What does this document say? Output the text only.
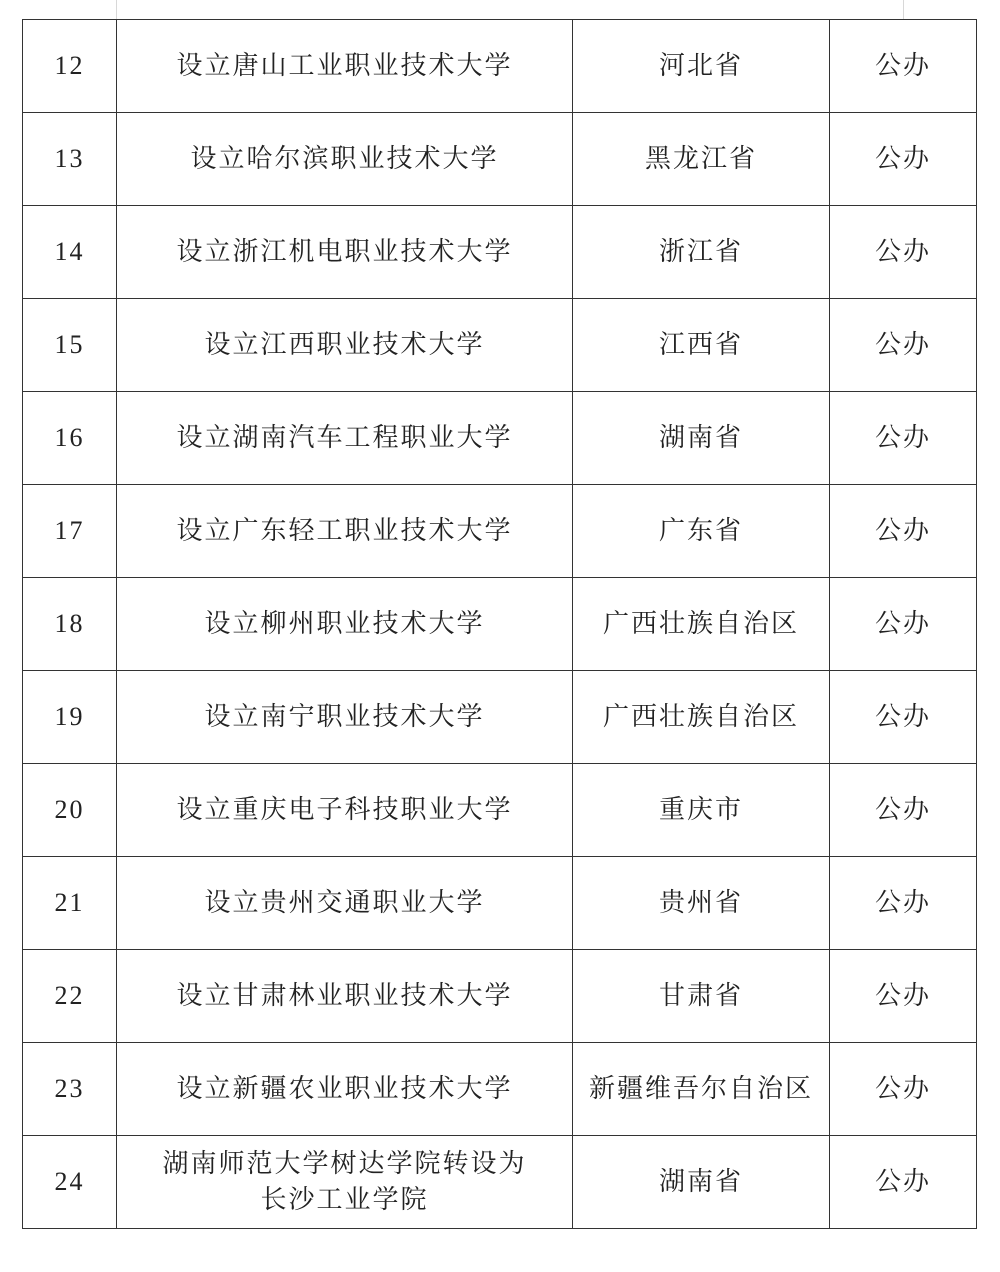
12	设立唐山工业职业技术大学	河北省	公办
13	设立哈尔滨职业技术大学	黑龙江省	公办
14	设立浙江机电职业技术大学	浙江省	公办
15	设立江西职业技术大学	江西省	公办
16	设立湖南汽车工程职业大学	湖南省	公办
17	设立广东轻工职业技术大学	广东省	公办
18	设立柳州职业技术大学	广西壮族自治区	公办
19	设立南宁职业技术大学	广西壮族自治区	公办
20	设立重庆电子科技职业大学	重庆市	公办
21	设立贵州交通职业大学	贵州省	公办
22	设立甘肃林业职业技术大学	甘肃省	公办
23	设立新疆农业职业技术大学	新疆维吾尔自治区	公办
24	湖南师范大学树达学院转设为
长沙工业学院	湖南省	公办
